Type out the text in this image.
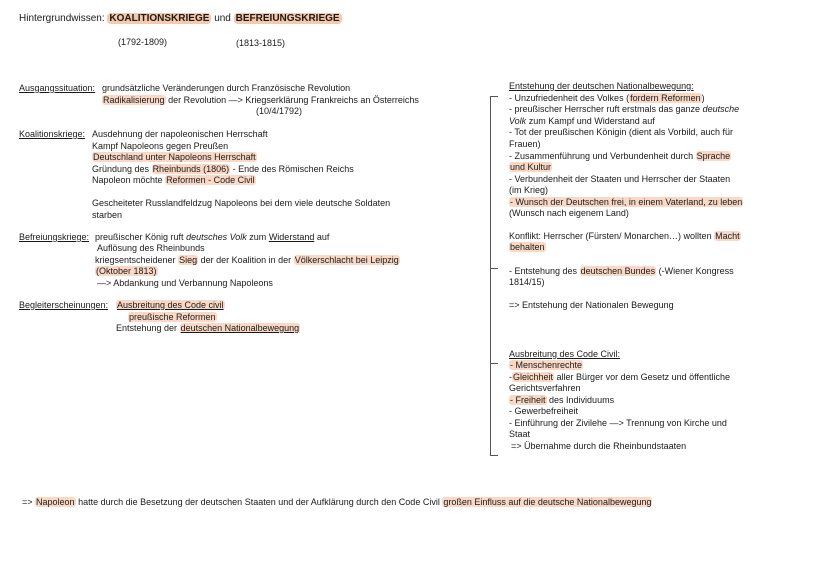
Hintergrundwissen: KOALITIONSKRIEGE und BEFREIUNGSKRIEGE
(1792-1809)	(1813-1815)
Ausgangssituation: grundsätzliche Veränderungen durch Französische Revolution
Radikalisierung der Revolution —> Kriegserklärung Frankreichs an Österreichs
(10/4/1792)
Koalitionskriege: Ausdehnung der napoleonischen Herrschaft
Kampf Napoleons gegen Preußen
Deutschland unter Napoleons Herrschaft
Gründung des Rheinbunds (1806) - Ende des Römischen Reichs
Napoleon möchte Reformen - Code Civil
Gescheiteter Russlandfeldzug Napoleons bei dem viele deutsche Soldaten
starben
Befreiungskriege: preußischer König ruft deutsches Volk zum Widerstand auf
Auflösung des Rheinbunds
kriegsentscheidener Sieg der der Koalition in der Völkerschlacht bei Leipzig
(Oktober 1813)
—> Abdankung und Verbannung Napoleons
Begleiterscheinungen: Ausbreitung des Code civil
preußische Reformen
Entstehung der deutschen Nationalbewegung
Entstehung der deutschen Nationalbewegung:
- Unzufriedenheit des Volkes (fordern Reformen)
- preußischer Herrscher ruft erstmals das ganze deutsche
Volk zum Kampf und Widerstand auf
- Tot der preußischen Königin (dient als Vorbild, auch für
Frauen)
- Zusammenführung und Verbundenheit durch Sprache
und Kultur
- Verbundenheit der Staaten und Herrscher der Staaten
(im Krieg)
- Wunsch der Deutschen frei, in einem Vaterland, zu leben
(Wunsch nach eigenem Land)
Konflikt: Herrscher (Fürsten/ Monarchen…) wollten Macht
behalten
- Entstehung des deutschen Bundes (-Wiener Kongress
1814/15)
=> Entstehung der Nationalen Bewegung
Ausbreitung des Code Civil:
- Menschenrechte
-Gleichheit aller Bürger vor dem Gesetz und öffentliche
Gerichtsverfahren
- Freiheit des Individuums
- Gewerbefreiheit
- Einführung der Zivilehe —> Trennung von Kirche und
Staat
=> Übernahme durch die Rheinbundstaaten
=> Napoleon hatte durch die Besetzung der deutschen Staaten und der Aufklärung durch den Code Civil großen Einfluss auf die deutsche Nationalbewegung
